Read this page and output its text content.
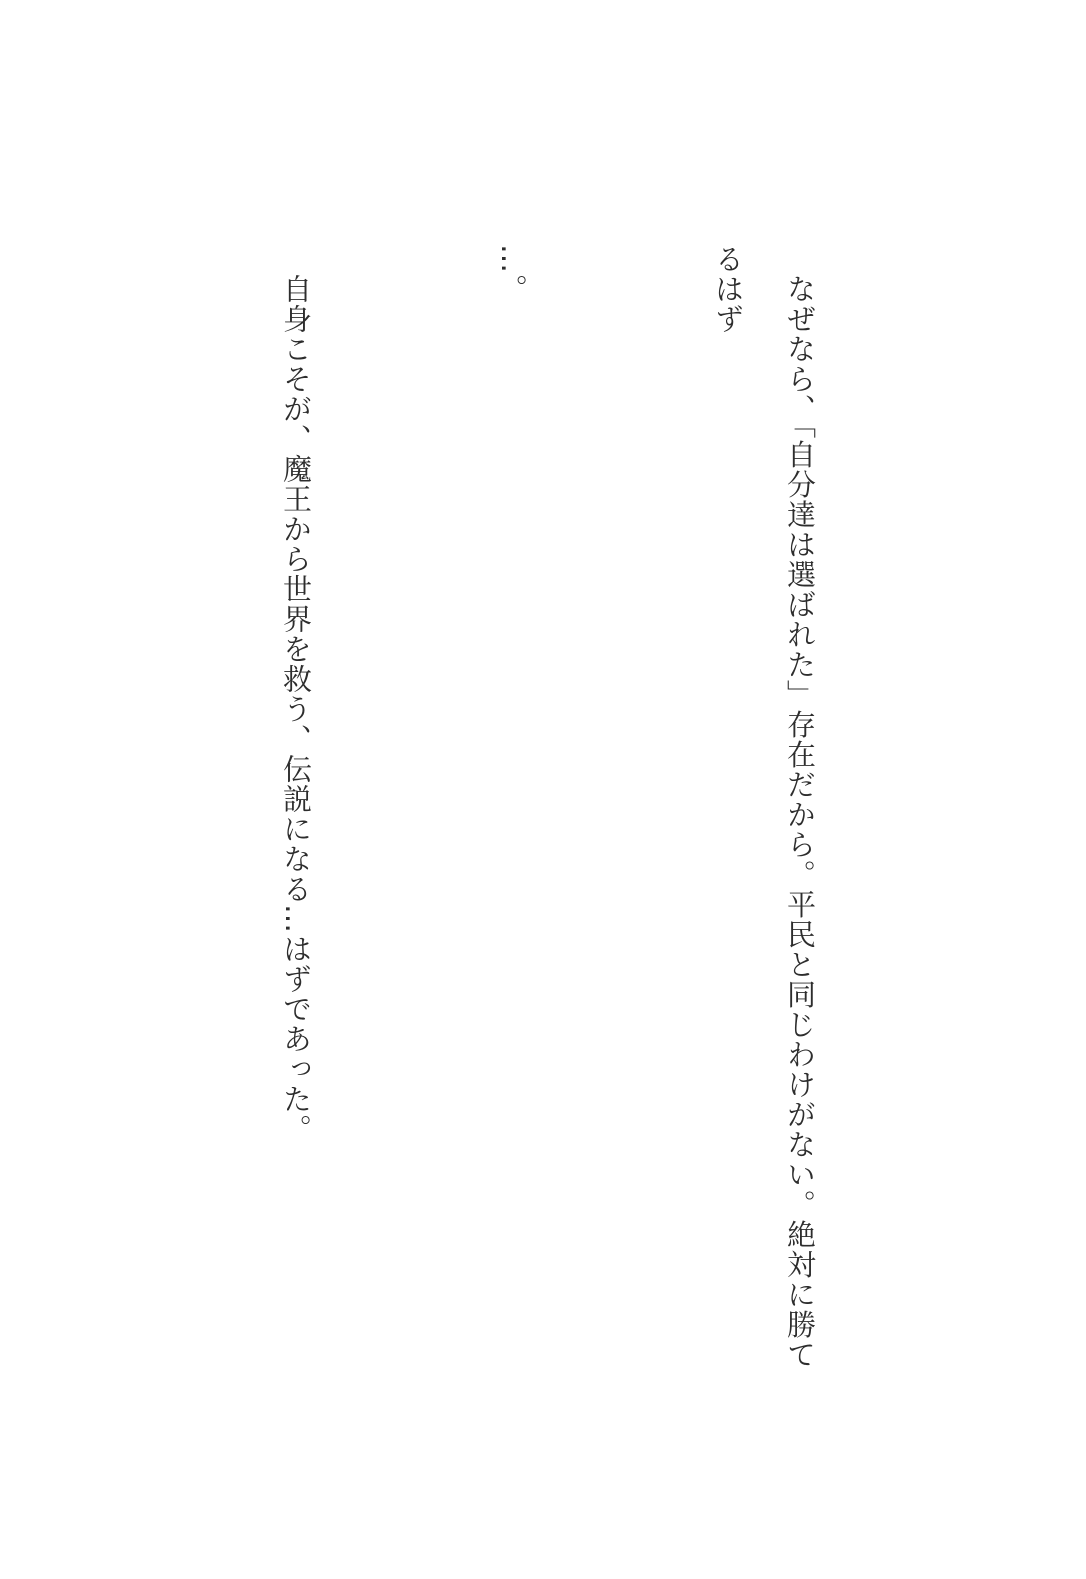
　なぜなら、「自分達は選ばれた」存在だから。平民と同じわけがない。絶対に勝てるはず

…。

　自身こそが、魔王から世界を救う、伝説になる…はずであった。
